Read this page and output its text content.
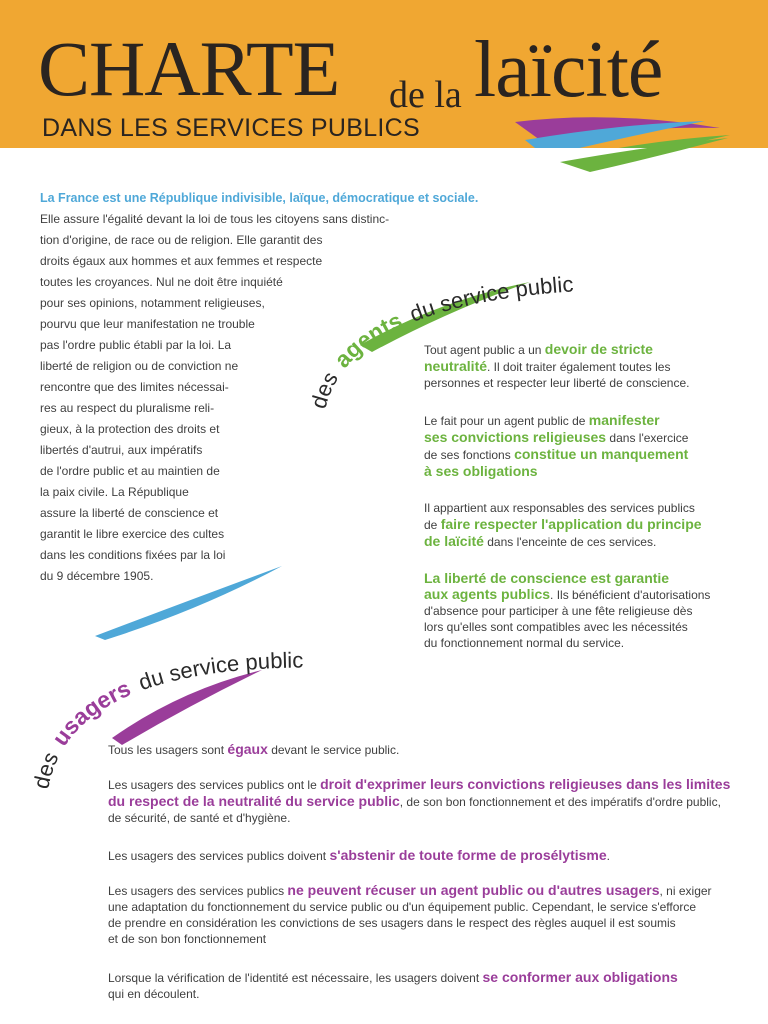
CHARTE de la laïcité
DANS LES SERVICES PUBLICS
La France est une République indivisible, laïque, démocratique et sociale.
Elle assure l'égalité devant la loi de tous les citoyens sans distinc-
tion d'origine, de race ou de religion. Elle garantit des
droits égaux aux hommes et aux femmes et respecte
toutes les croyances. Nul ne doit être inquiété
pour ses opinions, notamment religieuses,
pourvu que leur manifestation ne trouble
pas l'ordre public établi par la loi. La
liberté de religion ou de conviction ne
rencontre que des limites nécessai-
res au respect du pluralisme reli-
gieux, à la protection des droits et
libertés d'autrui, aux impératifs
de l'ordre public et au maintien de
la paix civile. La République
assure la liberté de conscience et
garantit le libre exercice des cultes
dans les conditions fixées par la loi
du 9 décembre 1905.
des agents du service public
Tout agent public a un devoir de stricte
neutralité. Il doit traiter également toutes les
personnes et respecter leur liberté de conscience.
Le fait pour un agent public de manifester
ses convictions religieuses dans l'exercice
de ses fonctions constitue un manquement
à ses obligations
Il appartient aux responsables des services publics
de faire respecter l'application du principe
de laïcité dans l'enceinte de ces services.
La liberté de conscience est garantie
aux agents publics. Ils bénéficient d'autorisations
d'absence pour participer à une fête religieuse dès
lors qu'elles sont compatibles avec les nécessités
du fonctionnement normal du service.
des usagers du service public
Tous les usagers sont égaux devant le service public.
Les usagers des services publics ont le droit d'exprimer leurs convictions religieuses dans les limites
du respect de la neutralité du service public, de son bon fonctionnement et des impératifs d'ordre public,
de sécurité, de santé et d'hygiène.
Les usagers des services publics doivent s'abstenir de toute forme de prosélytisme.
Les usagers des services publics ne peuvent récuser un agent public ou d'autres usagers, ni exiger
une adaptation du fonctionnement du service public ou d'un équipement public. Cependant, le service s'efforce
de prendre en considération les convictions de ses usagers dans le respect des règles auquel il est soumis
et de son bon fonctionnement
Lorsque la vérification de l'identité est nécessaire, les usagers doivent se conformer aux obligations
qui en découlent.
